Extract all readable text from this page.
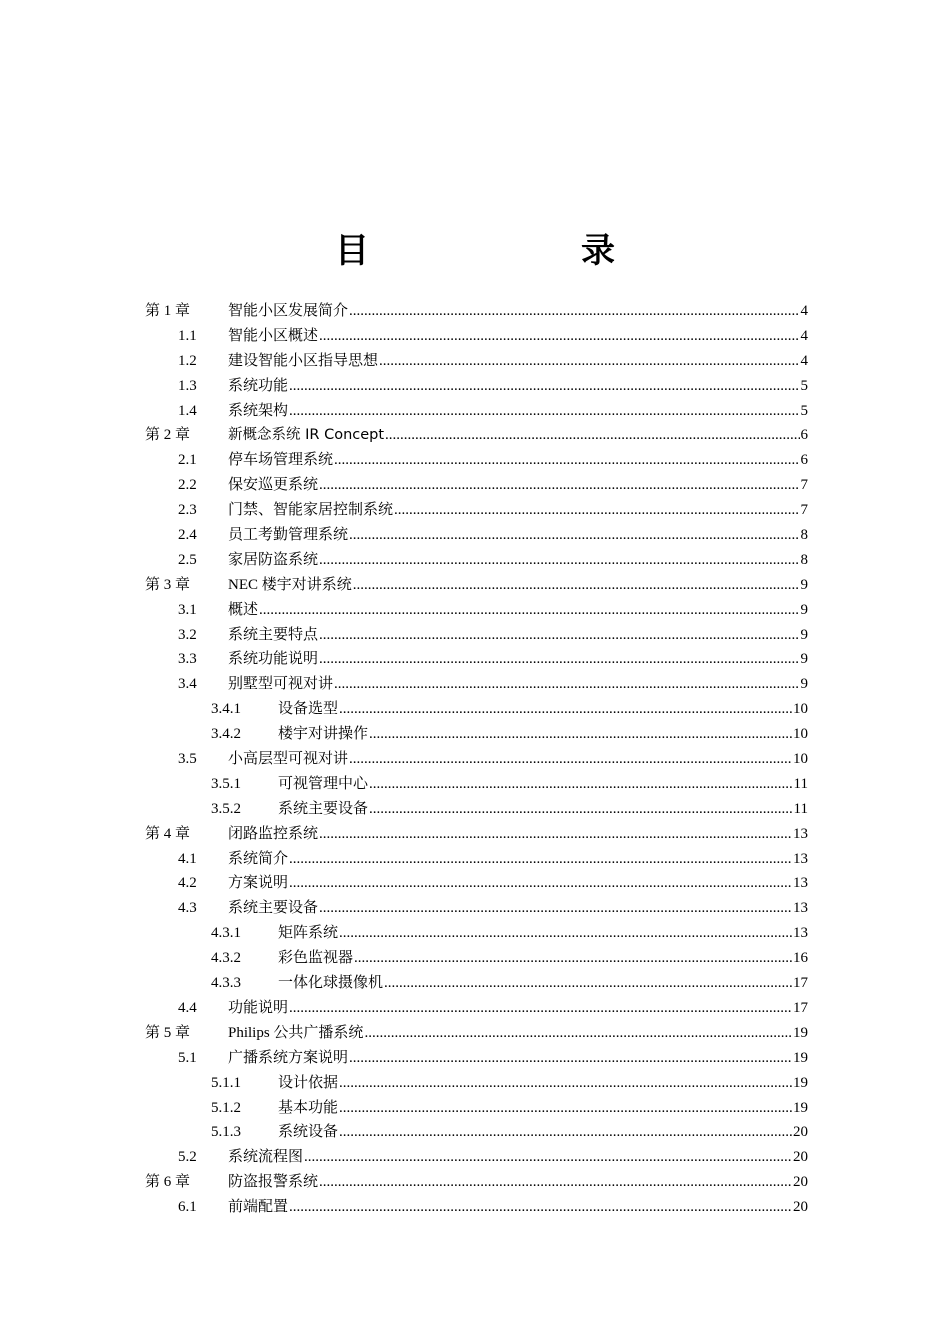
目　　录
第 1 章	智能小区发展简介 .....	4
1.1	智能小区概述 .....	4
1.2	建设智能小区指导思想 .....	4
1.3	系统功能 .....	5
1.4	系统架构 .....	5
第 2 章	新概念系统 IR Concept .....	6
2.1	停车场管理系统 .....	6
2.2	保安巡更系统 .....	7
2.3	门禁、智能家居控制系统 .....	7
2.4	员工考勤管理系统 .....	8
2.5	家居防盗系统 .....	8
第 3 章	NEC 楼宇对讲系统 .....	9
3.1	概述 .....	9
3.2	系统主要特点 .....	9
3.3	系统功能说明 .....	9
3.4	别墅型可视对讲 .....	9
3.4.1	设备选型 .....	10
3.4.2	楼宇对讲操作 .....	10
3.5	小高层型可视对讲 .....	10
3.5.1	可视管理中心 .....	11
3.5.2	系统主要设备 .....	11
第 4 章	闭路监控系统 .....	13
4.1	系统简介 .....	13
4.2	方案说明 .....	13
4.3	系统主要设备 .....	13
4.3.1	矩阵系统 .....	13
4.3.2	彩色监视器 .....	16
4.3.3	一体化球摄像机 .....	17
4.4	功能说明 .....	17
第 5 章	Philips 公共广播系统 .....	19
5.1	广播系统方案说明 .....	19
5.1.1	设计依据 .....	19
5.1.2	基本功能 .....	19
5.1.3	系统设备 .....	20
5.2	系统流程图 .....	20
第 6 章	防盗报警系统 .....	20
6.1	前端配置 .....	20
